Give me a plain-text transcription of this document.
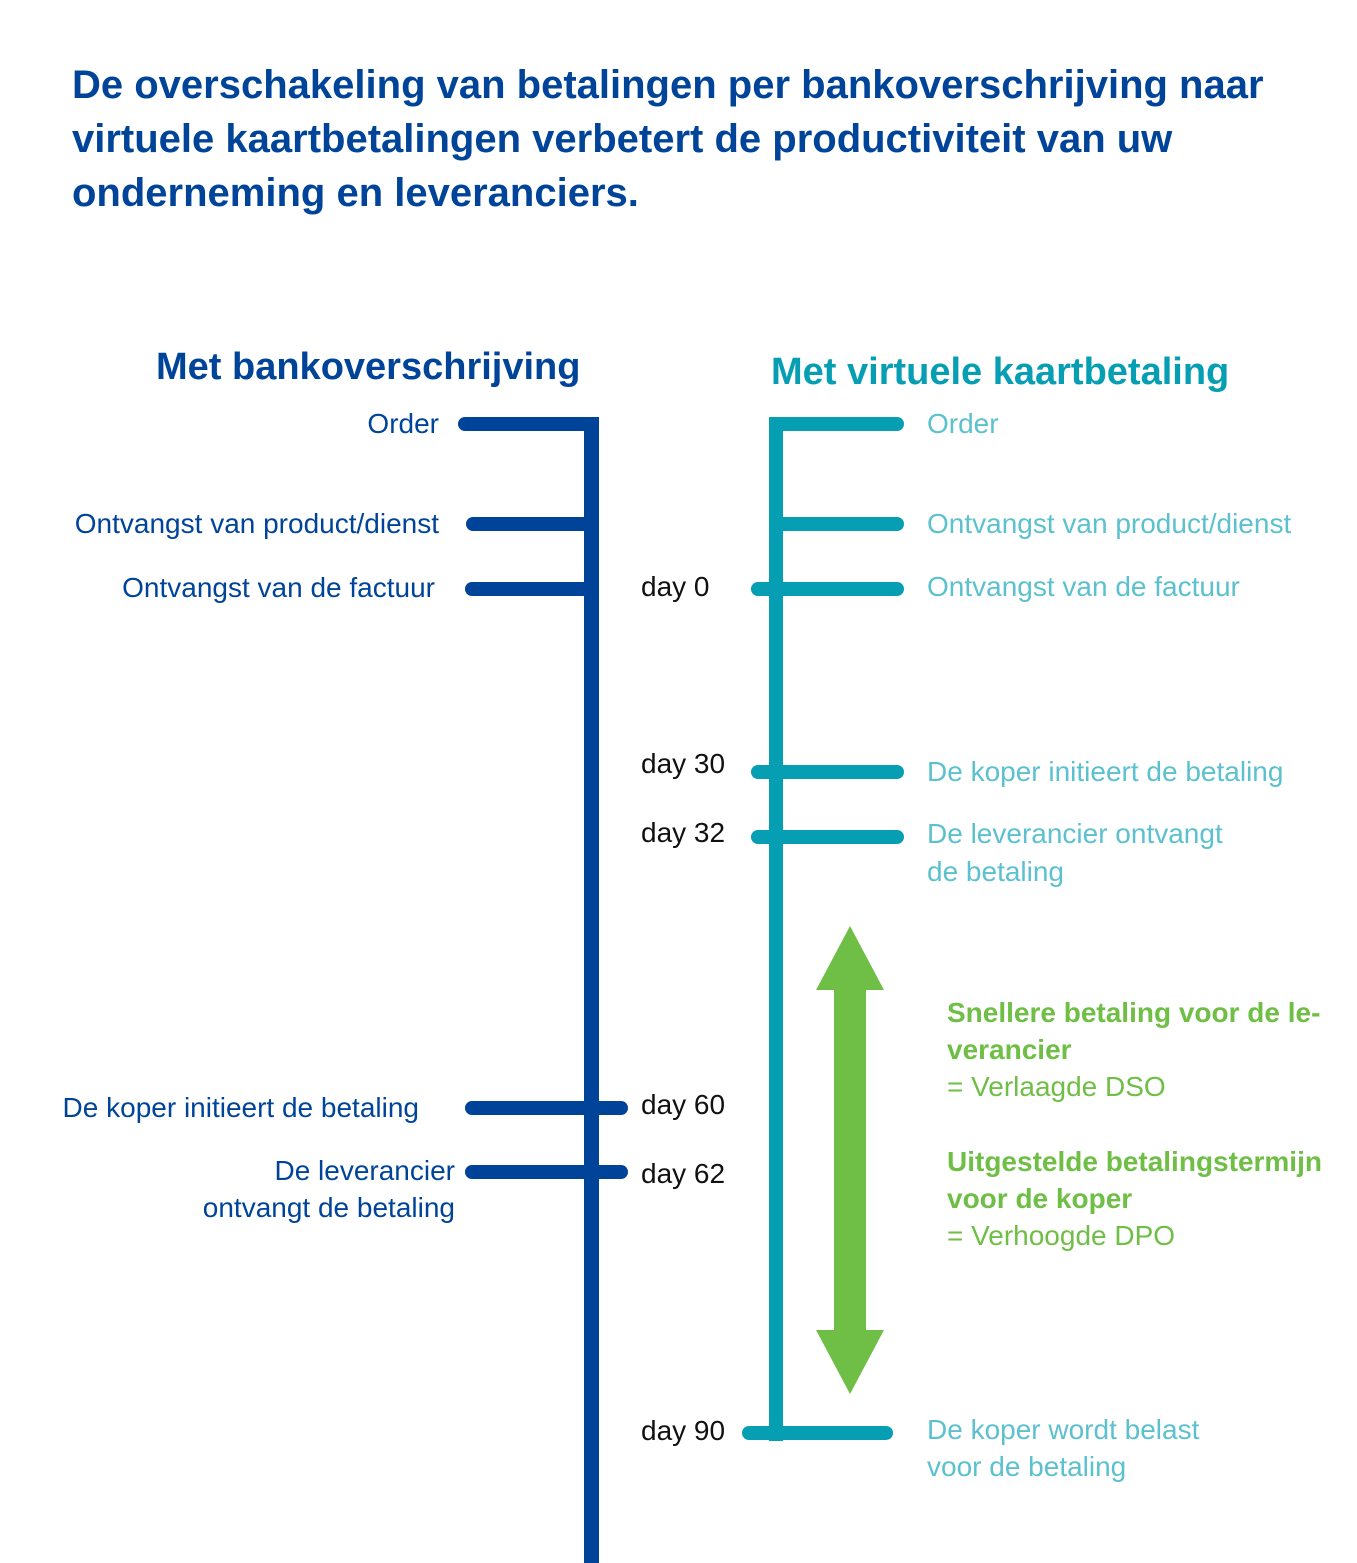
De overschakeling van betalingen per bankoverschrijving naar virtuele kaartbetalingen verbetert de productiviteit van uw onderneming en leveranciers.
Met bankoverschrijving	Met virtuele kaartbetaling
Order
Ontvangst van product/dienst
Ontvangst van de factuur
De koper initieert de betaling
De leverancier
ontvangt de betaling
day 0
day 30
day 32
day 60
day 62
day 90
Order
Ontvangst van product/dienst
Ontvangst van de factuur
De koper initieert de betaling
De leverancier ontvangt
de betaling
De koper wordt belast
voor de betaling
Snellere betaling voor de le-
verancier
= Verlaagde DSO
Uitgestelde betalingstermijn
voor de koper
= Verhoogde DPO
